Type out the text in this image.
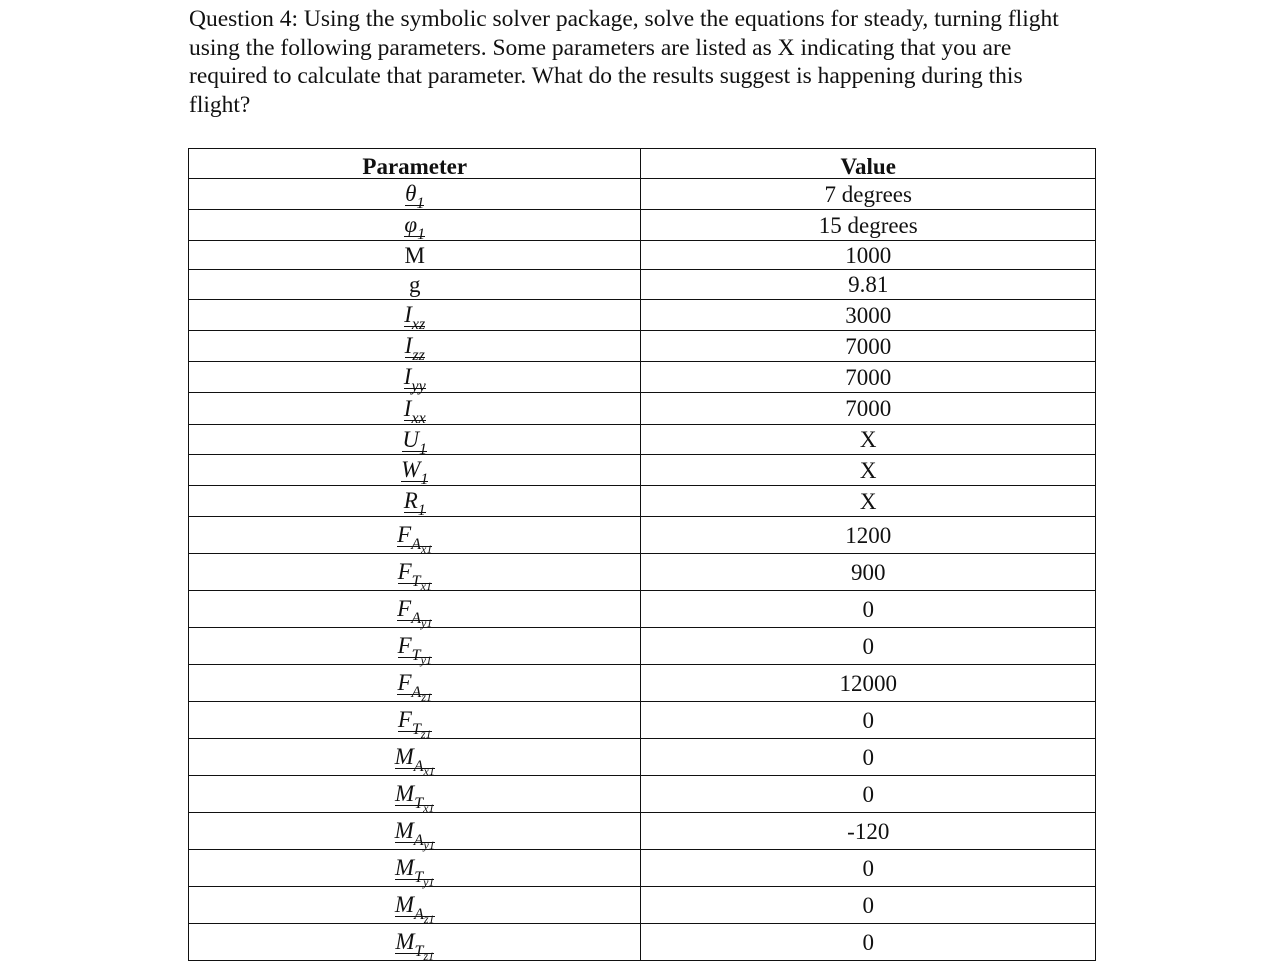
Question 4: Using the symbolic solver package, solve the equations for steady, turning flight using the following parameters. Some parameters are listed as X indicating that you are required to calculate that parameter. What do the results suggest is happening during this flight?
Parameter	Value
$\theta_1$	7 degrees
$\varphi_1$	15 degrees
M	1000
g	9.81
$I_{xz}$	3000
$I_{zz}$	7000
$I_{yy}$	7000
$I_{xx}$	7000
$U_1$	X
$W_1$	X
$R_1$	X
$F_{Ax1}$	1200
$F_{Tx1}$	900
$F_{Ay1}$	0
$F_{Ty1}$	0
$F_{Az1}$	12000
$F_{Tz1}$	0
$M_{Ax1}$	0
$M_{Tx1}$	0
$M_{Ay1}$	-120
$M_{Ty1}$	0
$M_{Az1}$	0
$M_{Tz1}$	0
